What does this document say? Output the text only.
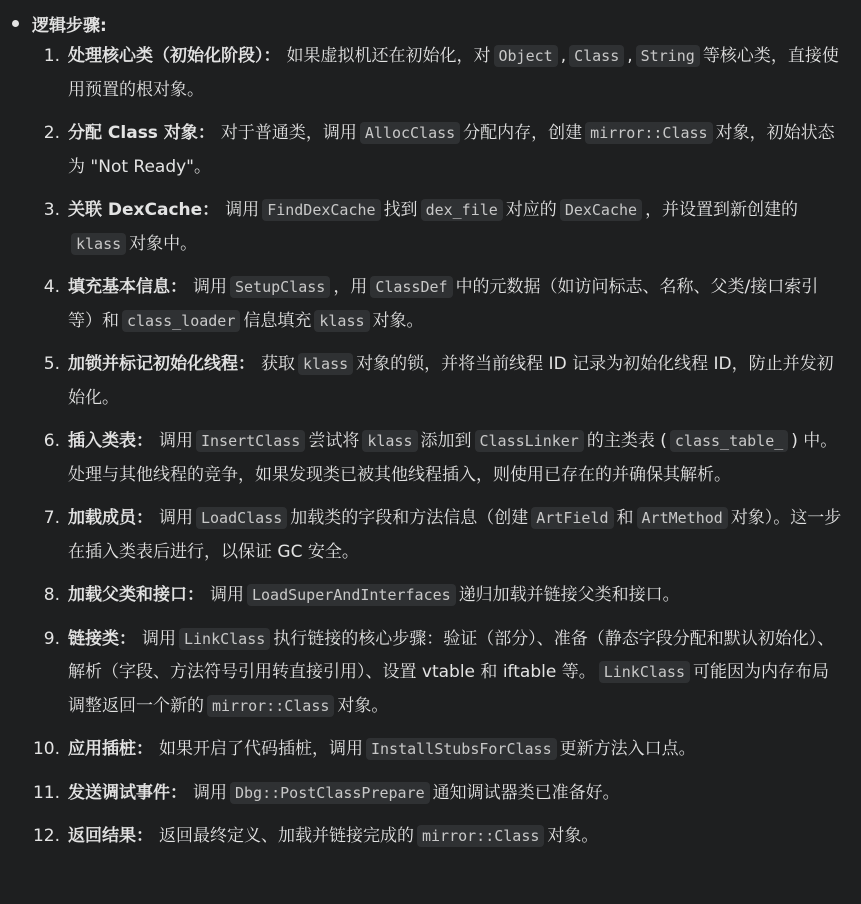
逻辑步骤:
1. 处理核心类（初始化阶段）： 如果虚拟机还在初始化，对 Object , Class , String 等核心类，直接使用预置的根对象。
2. 分配 Class 对象： 对于普通类，调用 AllocClass 分配内存，创建 mirror::Class 对象，初始状态为 "Not Ready"。
3. 关联 DexCache： 调用 FindDexCache 找到 dex_file 对应的 DexCache ，并设置到新创建的klass 对象中。
4. 填充基本信息： 调用 SetupClass ，用 ClassDef 中的元数据（如访问标志、名称、父类/接口索引等）和 class_loader 信息填充 klass 对象。
5. 加锁并标记初始化线程： 获取 klass 对象的锁，并将当前线程 ID 记录为初始化线程 ID，防止并发初始化。
6. 插入类表： 调用 InsertClass 尝试将 klass 添加到 ClassLinker 的主类表 ( class_table_ ) 中。处理与其他线程的竞争，如果发现类已被其他线程插入，则使用已存在的并确保其解析。
7. 加载成员： 调用 LoadClass 加载类的字段和方法信息（创建 ArtField 和 ArtMethod 对象）。这一步在插入类表后进行，以保证 GC 安全。
8. 加载父类和接口： 调用 LoadSuperAndInterfaces 递归加载并链接父类和接口。
9. 链接类： 调用 LinkClass 执行链接的核心步骤：验证（部分）、准备（静态字段分配和默认初始化）、解析（字段、方法符号引用转直接引用）、设置 vtable 和 iftable 等。 LinkClass 可能因为内存布局调整返回一个新的 mirror::Class 对象。
10. 应用插桩： 如果开启了代码插桩，调用 InstallStubsForClass 更新方法入口点。
11. 发送调试事件： 调用 Dbg::PostClassPrepare 通知调试器类已准备好。
12. 返回结果： 返回最终定义、加载并链接完成的 mirror::Class 对象。
